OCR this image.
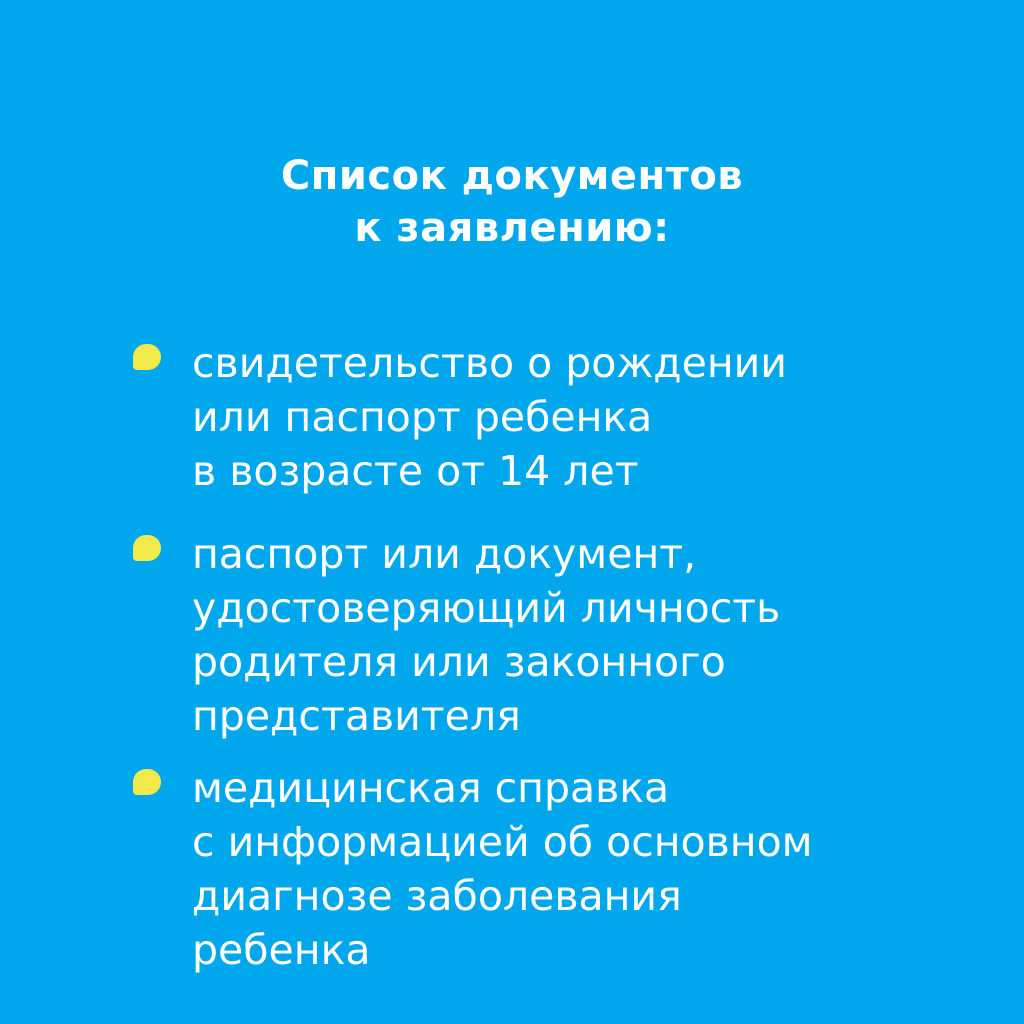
Список документов
к заявлению:
свидетельство о рождении
или паспорт ребенка
в возрасте от 14 лет
паспорт или документ,
удостоверяющий личность
родителя или законного
представителя
медицинская справка
с информацией об основном
диагнозе заболевания
ребенка
